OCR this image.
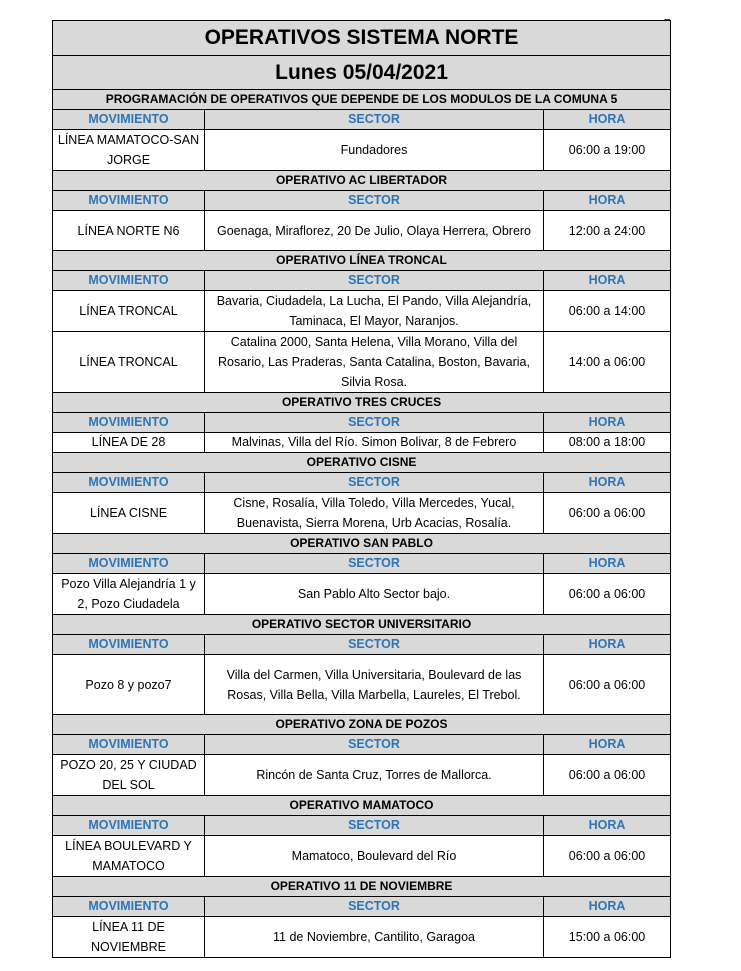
OPERATIVOS SISTEMA NORTE		
Lunes 05/04/2021		
PROGRAMACIÓN DE OPERATIVOS QUE DEPENDE DE LOS MODULOS DE LA COMUNA 5		
MOVIMIENTO	SECTOR	HORA
LÍNEA MAMATOCO-SAN JORGE	Fundadores	06:00 a 19:00
OPERATIVO AC LIBERTADOR		
MOVIMIENTO	SECTOR	HORA
LÍNEA NORTE N6	Goenaga, Miraflorez, 20 De Julio, Olaya Herrera, Obrero	12:00 a 24:00
OPERATIVO LÍNEA TRONCAL		
MOVIMIENTO	SECTOR	HORA
LÍNEA TRONCAL	Bavaria, Ciudadela, La Lucha, El Pando, Villa Alejandría, Taminaca, El Mayor, Naranjos.	06:00 a 14:00
LÍNEA TRONCAL	Catalina 2000, Santa Helena, Villa Morano, Villa del Rosario, Las Praderas, Santa Catalina, Boston, Bavaria, Silvia Rosa.	14:00 a 06:00
OPERATIVO TRES CRUCES		
MOVIMIENTO	SECTOR	HORA
LÍNEA DE 28	Malvinas, Villa del Río. Simon Bolivar, 8 de Febrero	08:00 a 18:00
OPERATIVO CISNE		
MOVIMIENTO	SECTOR	HORA
LÍNEA CISNE	Cisne, Rosalía, Villa Toledo, Villa Mercedes, Yucal, Buenavista, Sierra Morena, Urb Acacias, Rosalía.	06:00 a 06:00
OPERATIVO SAN PABLO		
MOVIMIENTO	SECTOR	HORA
Pozo Villa Alejandría 1 y 2, Pozo Ciudadela	San Pablo Alto Sector bajo.	06:00 a 06:00
OPERATIVO SECTOR UNIVERSITARIO		
MOVIMIENTO	SECTOR	HORA
Pozo 8 y pozo7	Villa del Carmen, Villa Universitaria, Boulevard de las Rosas, Villa Bella, Villa Marbella, Laureles, El Trebol.	06:00 a 06:00
OPERATIVO ZONA DE POZOS		
MOVIMIENTO	SECTOR	HORA
POZO 20, 25 Y CIUDAD DEL SOL	Rincón de Santa Cruz, Torres de Mallorca.	06:00 a 06:00
OPERATIVO MAMATOCO		
MOVIMIENTO	SECTOR	HORA
LÍNEA BOULEVARD Y MAMATOCO	Mamatoco, Boulevard del Río	06:00 a 06:00
OPERATIVO 11 DE NOVIEMBRE		
MOVIMIENTO	SECTOR	HORA
LÍNEA 11 DE NOVIEMBRE	11 de Noviembre, Cantilito, Garagoa	15:00 a 06:00
